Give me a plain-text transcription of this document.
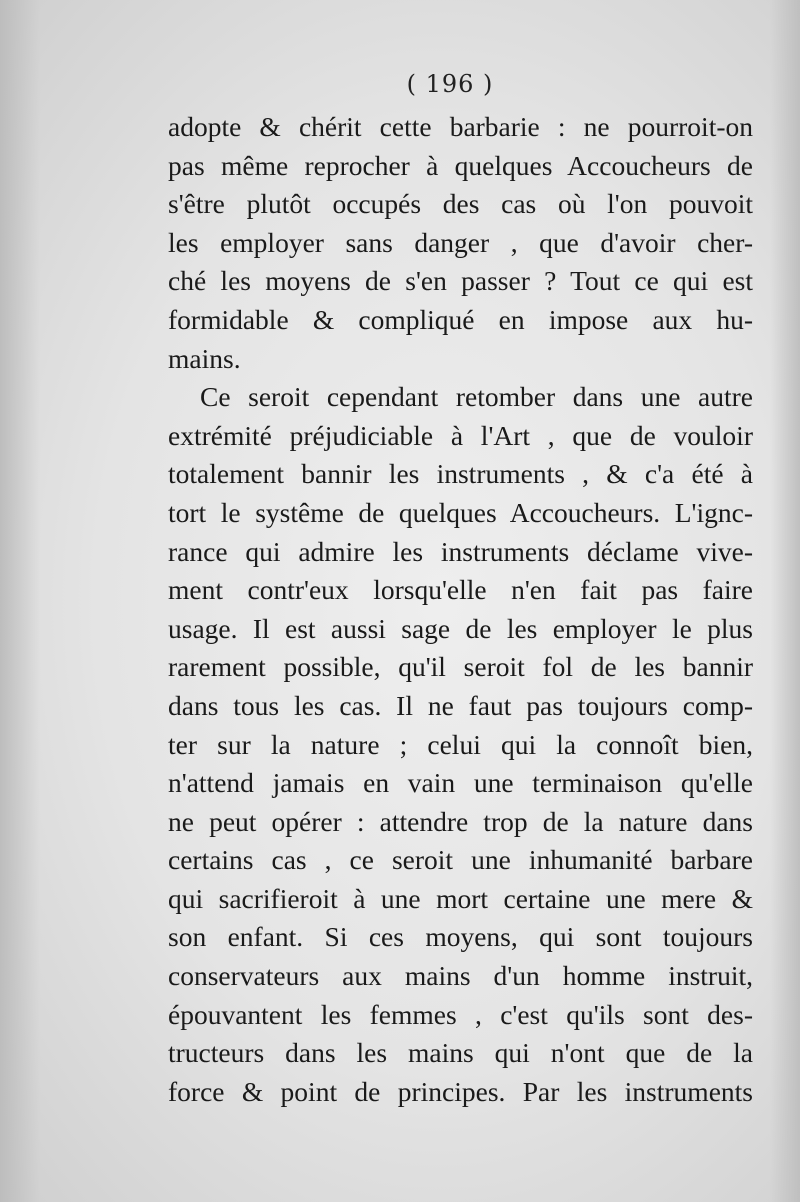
( 196 )
adopte & chérit cette barbarie : ne pourroit-on
pas même reprocher à quelques Accoucheurs de
s'être plutôt occupés des cas où l'on pouvoit
les employer sans danger , que d'avoir cher-
ché les moyens de s'en passer ? Tout ce qui est
formidable & compliqué en impose aux hu-
mains.
Ce seroit cependant retomber dans une autre
extrémité préjudiciable à l'Art , que de vouloir
totalement bannir les instruments , & c'a été à
tort le systême de quelques Accoucheurs. L'ignc-
rance qui admire les instruments déclame vive-
ment contr'eux lorsqu'elle n'en fait pas faire
usage. Il est aussi sage de les employer le plus
rarement possible, qu'il seroit fol de les bannir
dans tous les cas. Il ne faut pas toujours comp-
ter sur la nature ; celui qui la connoît bien,
n'attend jamais en vain une terminaison qu'elle
ne peut opérer : attendre trop de la nature dans
certains cas , ce seroit une inhumanité barbare
qui sacrifieroit à une mort certaine une mere &
son enfant. Si ces moyens, qui sont toujours
conservateurs aux mains d'un homme instruit,
épouvantent les femmes , c'est qu'ils sont des-
tructeurs dans les mains qui n'ont que de la
force & point de principes. Par les instruments
